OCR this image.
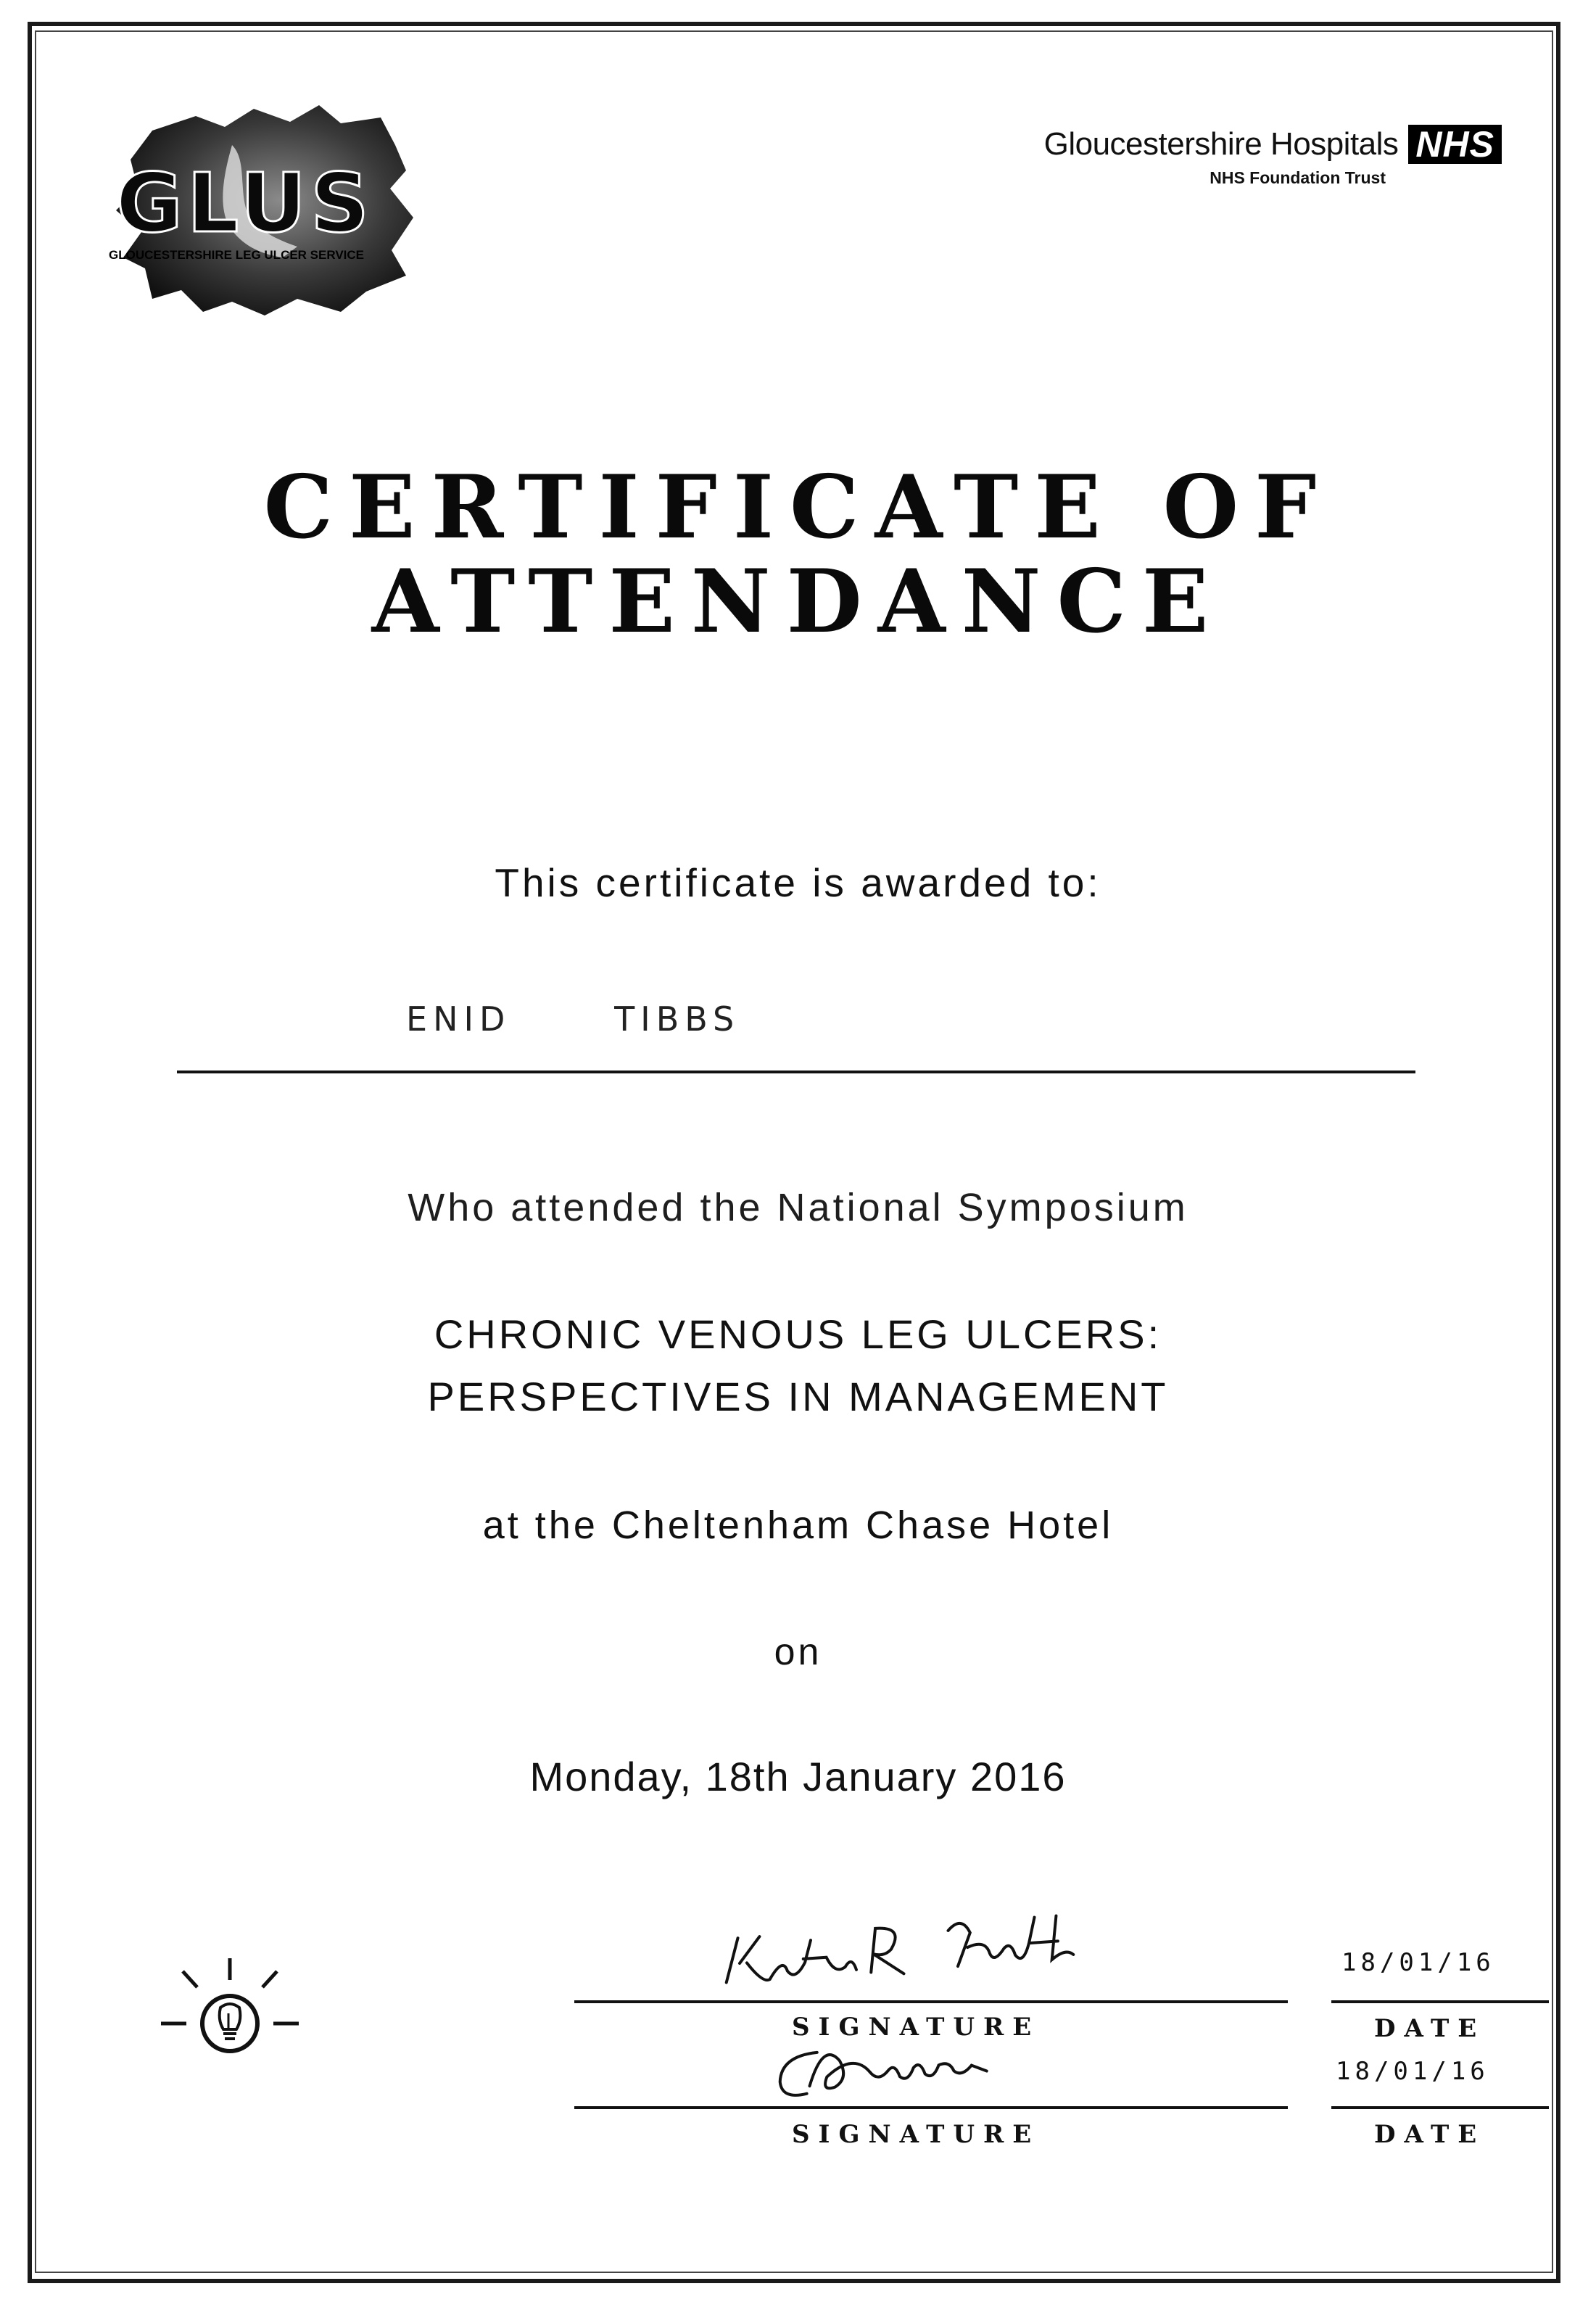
GLUS
GLOUCESTERSHIRE LEG ULCER SERVICE
Gloucestershire Hospitals NHS
NHS Foundation Trust
CERTIFICATE OF
ATTENDANCE
This certificate is awarded to:
ENID TIBBS
Who attended the National Symposium
CHRONIC VENOUS LEG ULCERS:
PERSPECTIVES IN MANAGEMENT
at the Cheltenham Chase Hotel
on
Monday, 18th January 2016
SIGNATURE	DATE
18/01/16
SIGNATURE	DATE
18/01/16
